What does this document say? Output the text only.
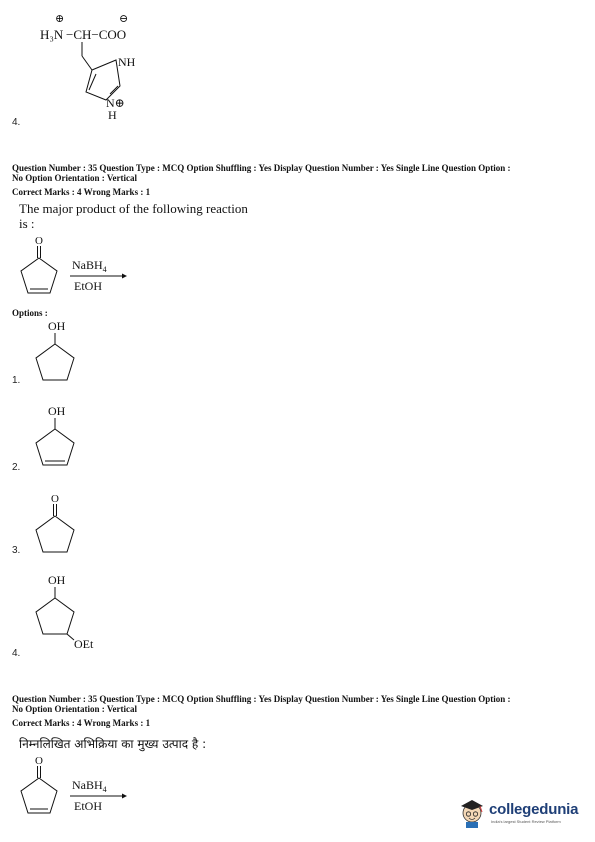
⊕	⊖
H₃N −CH−COO
NH
N⊕
H
4.
Question Number : 35 Question Type : MCQ Option Shuffling : Yes Display Question Number : Yes Single Line Question Option :
No Option Orientation : Vertical
Correct Marks : 4 Wrong Marks : 1
The major product of the following reaction
is :
O
NaBH$_4$
EtOH
Options :
OH
1.
OH
2.
O
3.
OH
OEt
4.
Question Number : 35 Question Type : MCQ Option Shuffling : Yes Display Question Number : Yes Single Line Question Option :
No Option Orientation : Vertical
Correct Marks : 4 Wrong Marks : 1
निम्नलिखित अभिक्रिया का मुख्य उत्पाद है :
O
NaBH$_4$
EtOH	collegedunia
India's largest Student Review Platform
